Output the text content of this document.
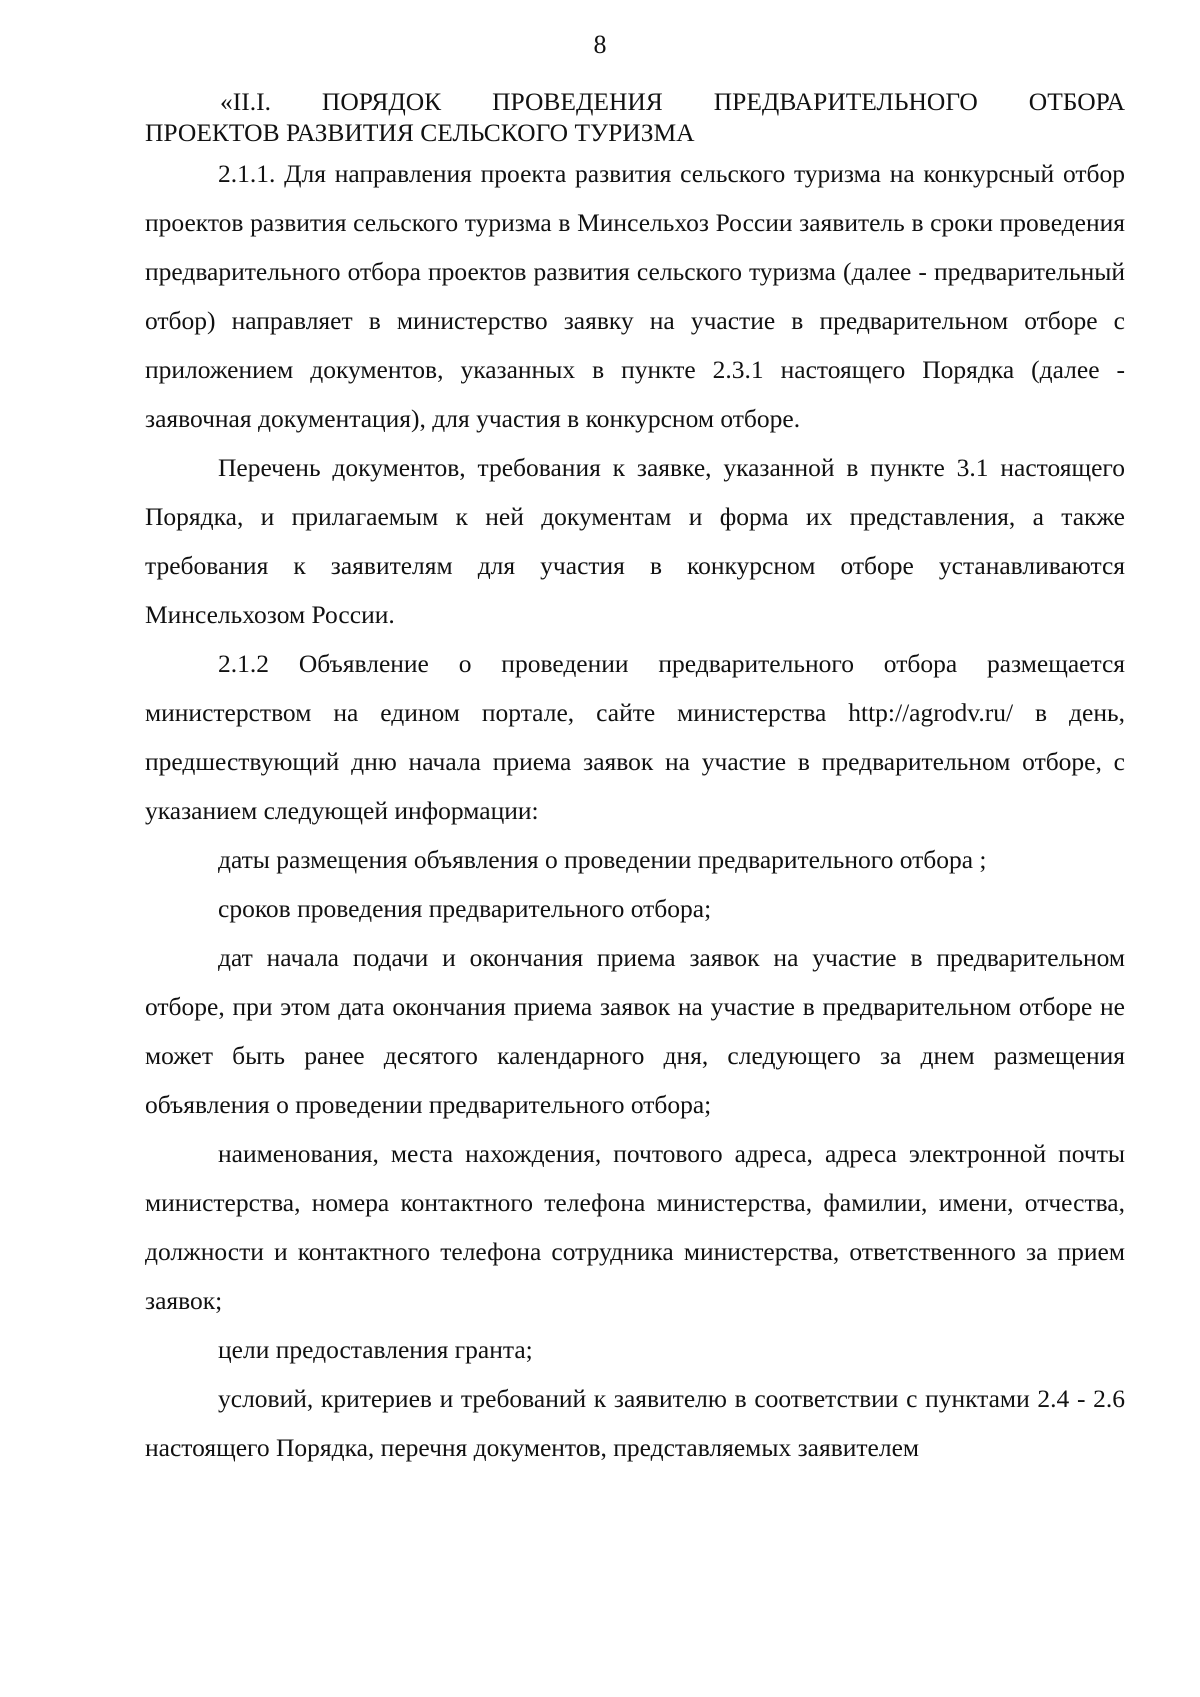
8
«II.I. ПОРЯДОК ПРОВЕДЕНИЯ ПРЕДВАРИТЕЛЬНОГО ОТБОРА
ПРОЕКТОВ РАЗВИТИЯ СЕЛЬСКОГО ТУРИЗМА

2.1.1. Для направления проекта развития сельского туризма на конкурсный отбор проектов развития сельского туризма в Минсельхоз России заявитель в сроки проведения предварительного отбора проектов развития сельского туризма (далее - предварительный отбор) направляет в министерство заявку на участие в предварительном отборе с приложением документов, указанных в пункте 2.3.1 настоящего Порядка (далее - заявочная документация), для участия в конкурсном отборе.

Перечень документов, требования к заявке, указанной в пункте 3.1 настоящего Порядка, и прилагаемым к ней документам и форма их представления, а также требования к заявителям для участия в конкурсном отборе устанавливаются Минсельхозом России.

2.1.2 Объявление о проведении предварительного отбора размещается министерством на едином портале, сайте министерства http://agrodv.ru/ в день, предшествующий дню начала приема заявок на участие в предварительном отборе, с указанием следующей информации:

даты размещения объявления о проведении предварительного отбора ;

сроков проведения предварительного отбора;

дат начала подачи и окончания приема заявок на участие в предварительном отборе, при этом дата окончания приема заявок на участие в предварительном отборе не может быть ранее десятого календарного дня, следующего за днем размещения объявления о проведении предварительного отбора;

наименования, места нахождения, почтового адреса, адреса электронной почты министерства, номера контактного телефона министерства, фамилии, имени, отчества, должности и контактного телефона сотрудника министерства, ответственного за прием заявок;

цели предоставления гранта;

условий, критериев и требований к заявителю в соответствии с пунктами 2.4 - 2.6 настоящего Порядка, перечня документов, представляемых заявителем
